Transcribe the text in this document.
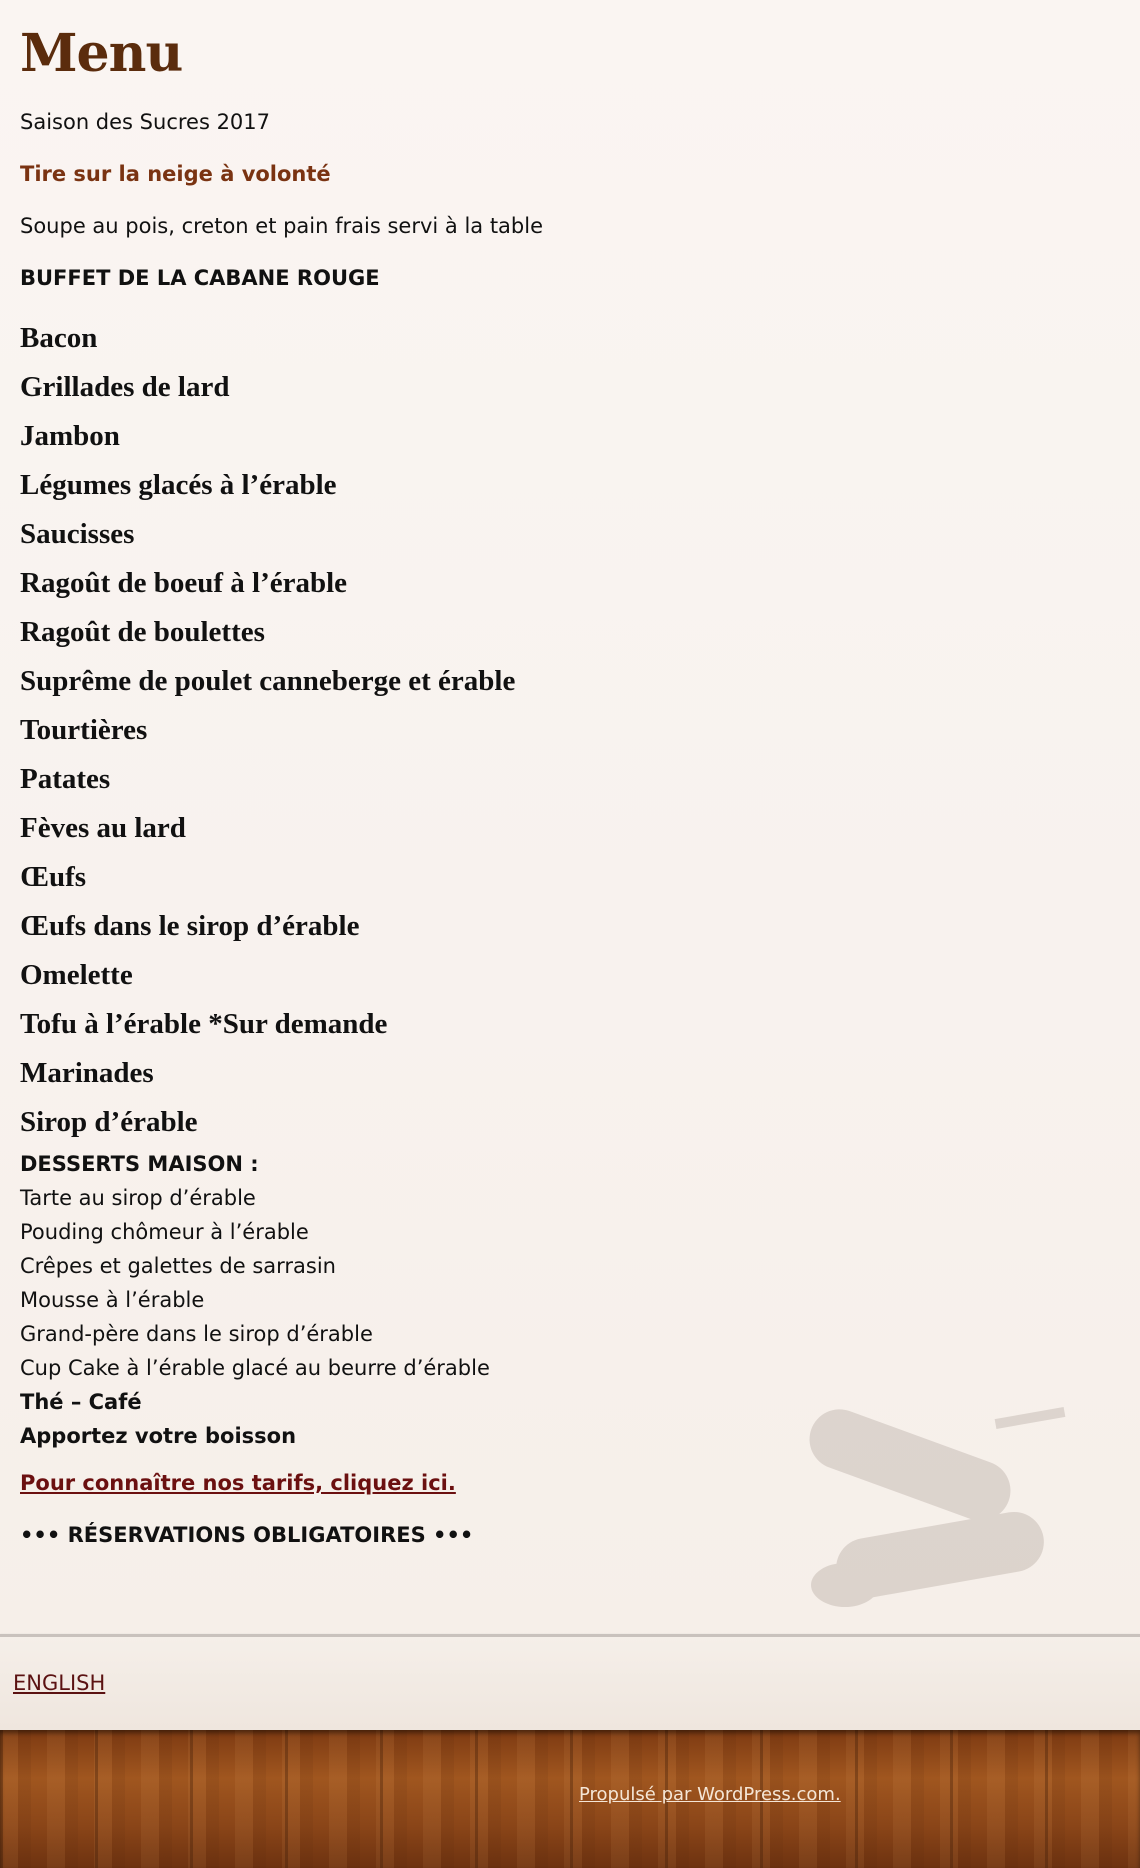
Menu
Saison des Sucres 2017
Tire sur la neige à volonté
Soupe au pois, creton et pain frais servi à la table
BUFFET DE LA CABANE ROUGE
Bacon
Grillades de lard
Jambon
Légumes glacés à l’érable
Saucisses
Ragoût de boeuf à l’érable
Ragoût de boulettes
Suprême de poulet canneberge et érable
Tourtières
Patates
Fèves au lard
Œufs
Œufs dans le sirop d’érable
Omelette
Tofu à l’érable *Sur demande
Marinades
Sirop d’érable
DESSERTS MAISON :
Tarte au sirop d’érable
Pouding chômeur à l’érable
Crêpes et galettes de sarrasin
Mousse à l’érable
Grand-père dans le sirop d’érable
Cup Cake à l’érable glacé au beurre d’érable
Thé – Café
Apportez votre boisson
Pour connaître nos tarifs, cliquez ici.
••• RÉSERVATIONS OBLIGATOIRES •••
ENGLISH
Propulsé par WordPress.com.
